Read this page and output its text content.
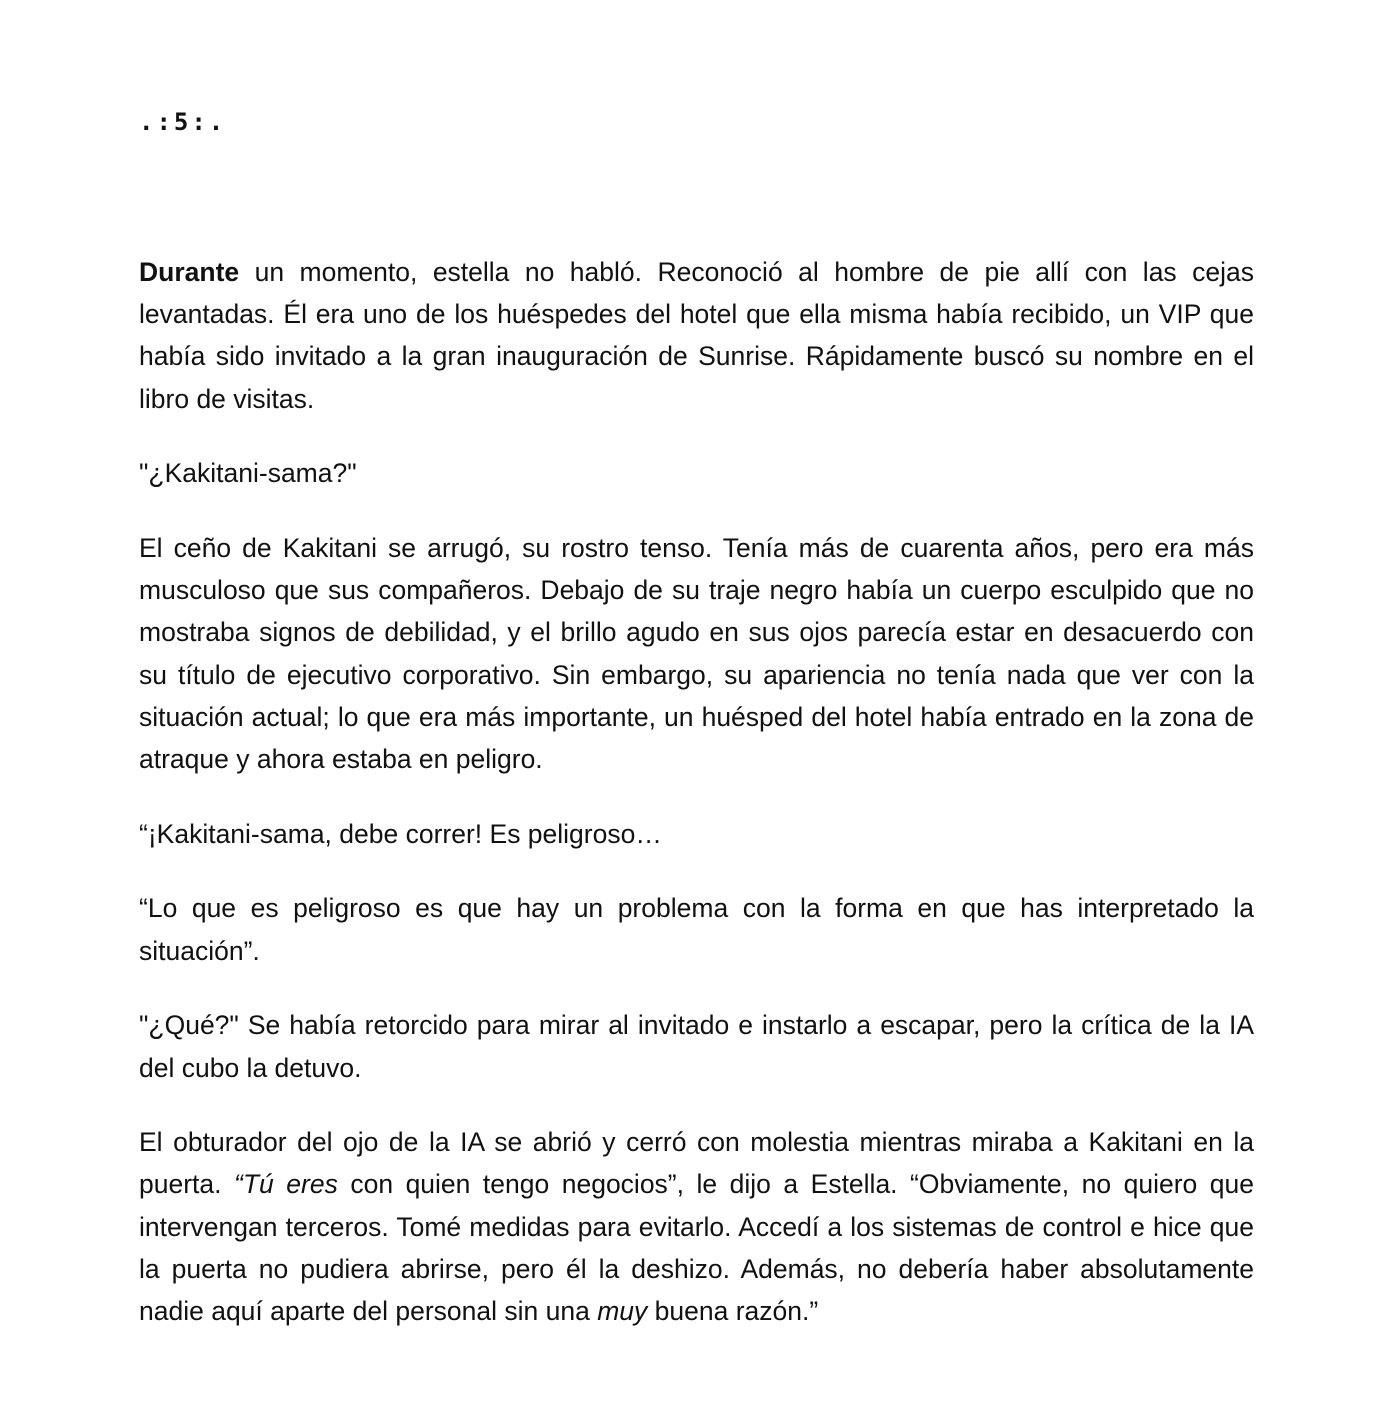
.:5:.

Durante un momento, estella no habló. Reconoció al hombre de pie allí con las cejas levantadas. Él era uno de los huéspedes del hotel que ella misma había recibido, un VIP que había sido invitado a la gran inauguración de Sunrise. Rápidamente buscó su nombre en el libro de visitas.

"¿Kakitani-sama?"

El ceño de Kakitani se arrugó, su rostro tenso. Tenía más de cuarenta años, pero era más musculoso que sus compañeros. Debajo de su traje negro había un cuerpo esculpido que no mostraba signos de debilidad, y el brillo agudo en sus ojos parecía estar en desacuerdo con su título de ejecutivo corporativo. Sin embargo, su apariencia no tenía nada que ver con la situación actual; lo que era más importante, un huésped del hotel había entrado en la zona de atraque y ahora estaba en peligro.

“¡Kakitani-sama, debe correr! Es peligroso…

“Lo que es peligroso es que hay un problema con la forma en que has interpretado la situación”.

"¿Qué?" Se había retorcido para mirar al invitado e instarlo a escapar, pero la crítica de la IA del cubo la detuvo.

El obturador del ojo de la IA se abrió y cerró con molestia mientras miraba a Kakitani en la puerta. “Tú eres con quien tengo negocios”, le dijo a Estella. “Obviamente, no quiero que intervengan terceros. Tomé medidas para evitarlo. Accedí a los sistemas de control e hice que la puerta no pudiera abrirse, pero él la deshizo. Además, no debería haber absolutamente nadie aquí aparte del personal sin una muy buena razón.”
